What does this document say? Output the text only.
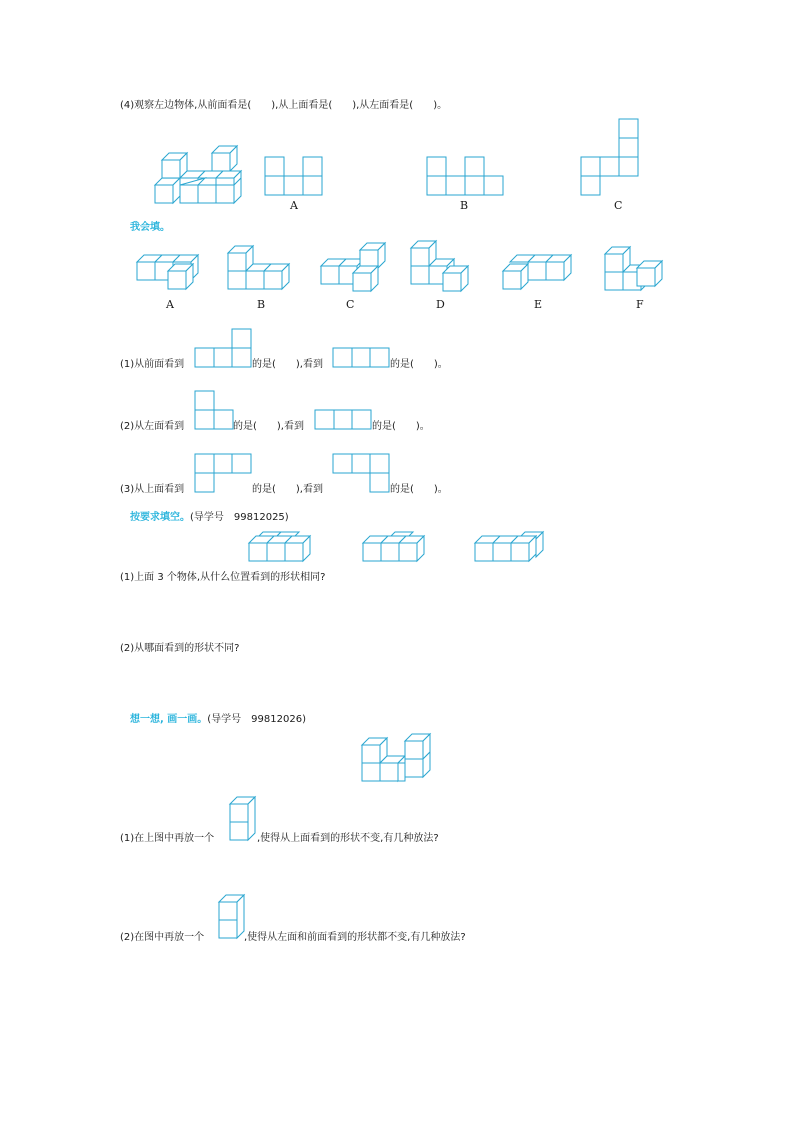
(4)观察左边物体,从前面看是(　　),从上面看是(　　),从左面看是(　　)。
A	B	C
我会填。
A	B	C	D	E	F
(1)从前面看到	的是(　　),看到	的是(　　)。
(2)从左面看到	的是(　　),看到	的是(　　)。
(3)从上面看到	的是(　　),看到	的是(　　)。
按要求填空。(导学号　99812025)
(1)上面 3 个物体,从什么位置看到的形状相同?
(2)从哪面看到的形状不同?
想一想, 画一画。(导学号　99812026)
(1)在上图中再放一个	,使得从上面看到的形状不变,有几种放法?
(2)在图中再放一个	,使得从左面和前面看到的形状都不变,有几种放法?
